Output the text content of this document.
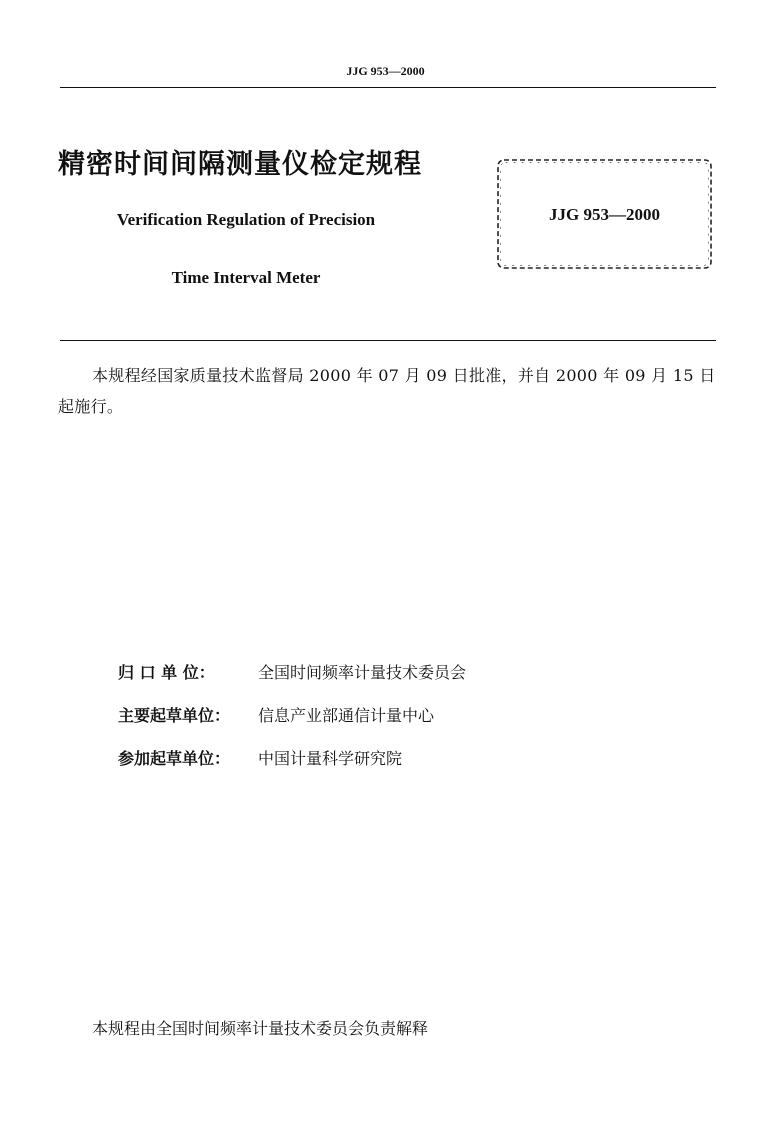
JJG 953—2000
精密时间间隔测量仪检定规程
Verification Regulation of Precision
Time Interval Meter
JJG 953—2000
本规程经国家质量技术监督局 2000 年 07 月 09 日批准，并自 2000 年 09 月 15 日起施行。
归 口 单 位：	全国时间频率计量技术委员会
主要起草单位： 信息产业部通信计量中心
参加起草单位： 中国计量科学研究院
本规程由全国时间频率计量技术委员会负责解释
